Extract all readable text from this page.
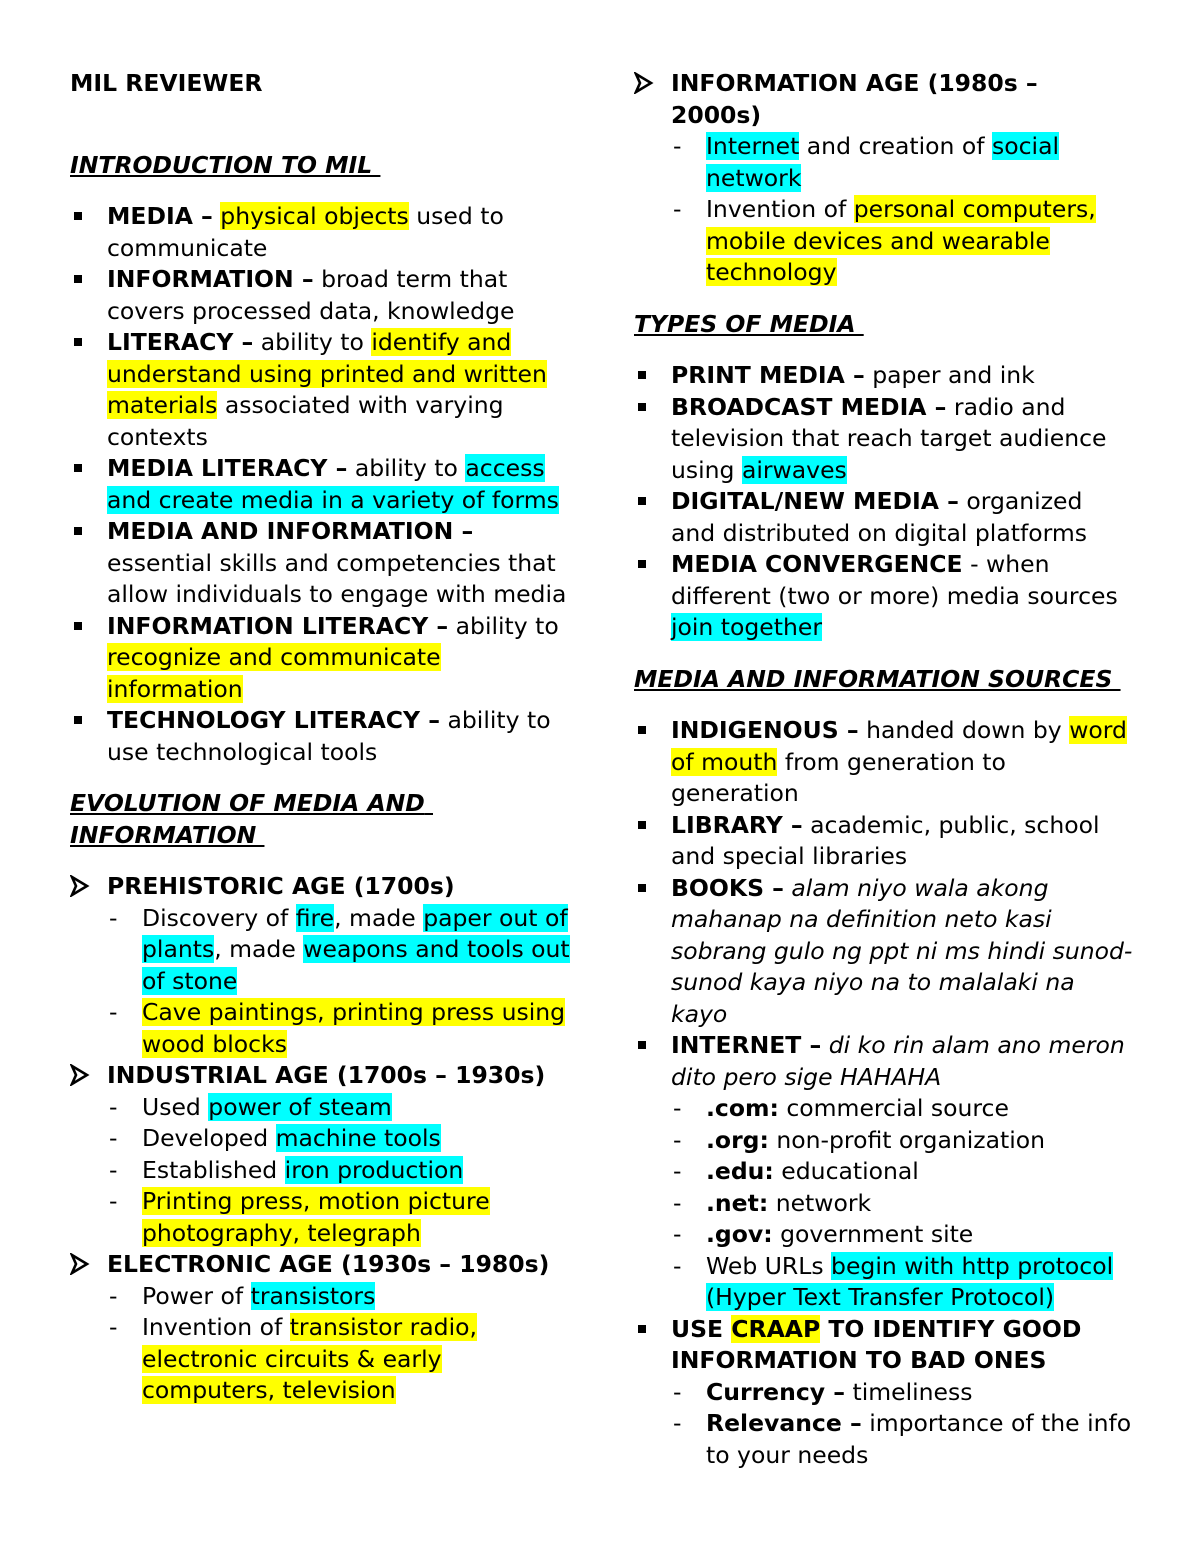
MIL REVIEWER

INTRODUCTION TO MIL

MEDIA – physical objects used to communicate
INFORMATION – broad term that covers processed data, knowledge
LITERACY – ability to identify and understand using printed and written materials associated with varying contexts
MEDIA LITERACY – ability to access and create media in a variety of forms
MEDIA AND INFORMATION – essential skills and competencies that allow individuals to engage with media
INFORMATION LITERACY – ability to recognize and communicate information
TECHNOLOGY LITERACY – ability to use technological tools

EVOLUTION OF MEDIA AND INFORMATION

PREHISTORIC AGE (1700s)
- Discovery of fire, made paper out of plants, made weapons and tools out of stone
- Cave paintings, printing press using wood blocks
INDUSTRIAL AGE (1700s – 1930s)
- Used power of steam
- Developed machine tools
- Established iron production
- Printing press, motion picture photography, telegraph
ELECTRONIC AGE (1930s – 1980s)
- Power of transistors
- Invention of transistor radio, electronic circuits & early computers, television
INFORMATION AGE (1980s – 2000s)
- Internet and creation of social network
- Invention of personal computers, mobile devices and wearable technology

TYPES OF MEDIA

PRINT MEDIA – paper and ink
BROADCAST MEDIA – radio and television that reach target audience using airwaves
DIGITAL/NEW MEDIA – organized and distributed on digital platforms
MEDIA CONVERGENCE - when different (two or more) media sources join together

MEDIA AND INFORMATION SOURCES

INDIGENOUS – handed down by word of mouth from generation to generation
LIBRARY – academic, public, school and special libraries
BOOKS – alam niyo wala akong mahanap na definition neto kasi sobrang gulo ng ppt ni ms hindi sunod-sunod kaya niyo na to malalaki na kayo
INTERNET – di ko rin alam ano meron dito pero sige HAHAHA
- .com: commercial source
- .org: non-profit organization
- .edu: educational
- .net: network
- .gov: government site
- Web URLs begin with http protocol (Hyper Text Transfer Protocol)
USE CRAAP TO IDENTIFY GOOD INFORMATION TO BAD ONES
- Currency – timeliness
- Relevance – importance of the info to your needs
